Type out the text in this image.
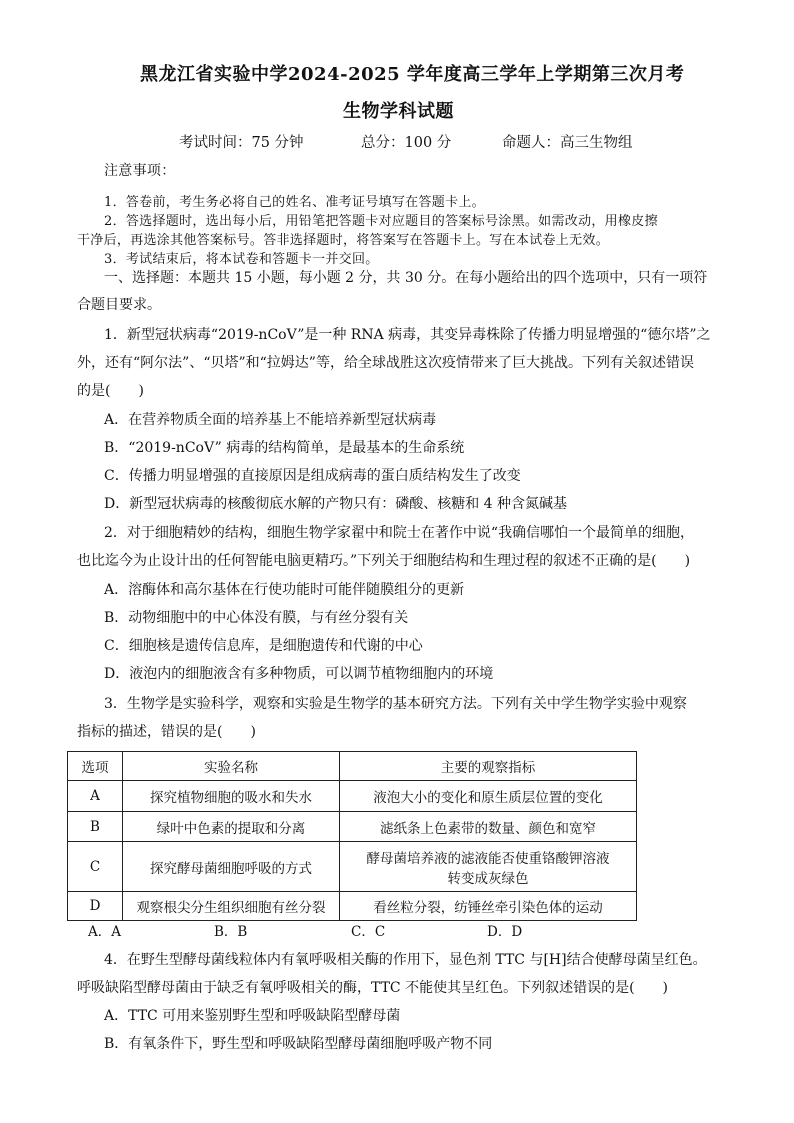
黑龙江省实验中学2024-2025 学年度高三学年上学期第三次月考
生物学科试题
考试时间：75 分钟	总分：100 分	命题人：高三生物组
注意事项：
1．答卷前，考生务必将自己的姓名、准考证号填写在答题卡上。
2．答选择题时，选出每小后，用铅笔把答题卡对应题目的答案标号涂黑。如需改动，用橡皮擦
干净后，再选涂其他答案标号。答非选择题时，将答案写在答题卡上。写在本试卷上无效。
3．考试结束后，将本试卷和答题卡一并交回。
一、选择题：本题共 15 小题，每小题 2 分，共 30 分。在每小题给出的四个选项中，只有一项符
合题目要求。
1．新型冠状病毒“2019-nCoV”是一种 RNA 病毒，其变异毒株除了传播力明显增强的“德尔塔”之
外，还有“阿尔法”、“贝塔”和“拉姆达”等，给全球战胜这次疫情带来了巨大挑战。下列有关叙述错误
的是(　　)
A．在营养物质全面的培养基上不能培养新型冠状病毒
B．“2019-nCoV” 病毒的结构简单，是最基本的生命系统
C．传播力明显增强的直接原因是组成病毒的蛋白质结构发生了改变
D．新型冠状病毒的核酸彻底水解的产物只有：磷酸、核糖和 4 种含氮碱基
2．对于细胞精妙的结构，细胞生物学家翟中和院士在著作中说“我确信哪怕一个最简单的细胞，
也比迄今为止设计出的任何智能电脑更精巧。”下列关于细胞结构和生理过程的叙述不正确的是(　　)
A．溶酶体和高尔基体在行使功能时可能伴随膜组分的更新
B．动物细胞中的中心体没有膜，与有丝分裂有关
C．细胞核是遗传信息库，是细胞遗传和代谢的中心
D．液泡内的细胞液含有多种物质，可以调节植物细胞内的环境
3．生物学是实验科学，观察和实验是生物学的基本研究方法。下列有关中学生物学实验中观察
指标的描述，错误的是(　　)
选项	实验名称	主要的观察指标
A	探究植物细胞的吸水和失水	液泡大小的变化和原生质层位置的变化
B	绿叶中色素的提取和分离	滤纸条上色素带的数量、颜色和宽窄
C	探究酵母菌细胞呼吸的方式	酵母菌培养液的滤液能否使重铬酸钾溶液
转变成灰绿色

D	观察根尖分生组织细胞有丝分裂	看丝粒分裂，纺锤丝牵引染色体的运动
A．A	B．B	C．C	D．D
4．在野生型酵母菌线粒体内有氧呼吸相关酶的作用下，显色剂 TTC 与[H]结合使酵母菌呈红色。
呼吸缺陷型酵母菌由于缺乏有氧呼吸相关的酶，TTC 不能使其呈红色。下列叙述错误的是(　　)
A．TTC 可用来鉴别野生型和呼吸缺陷型酵母菌
B．有氧条件下，野生型和呼吸缺陷型酵母菌细胞呼吸产物不同
